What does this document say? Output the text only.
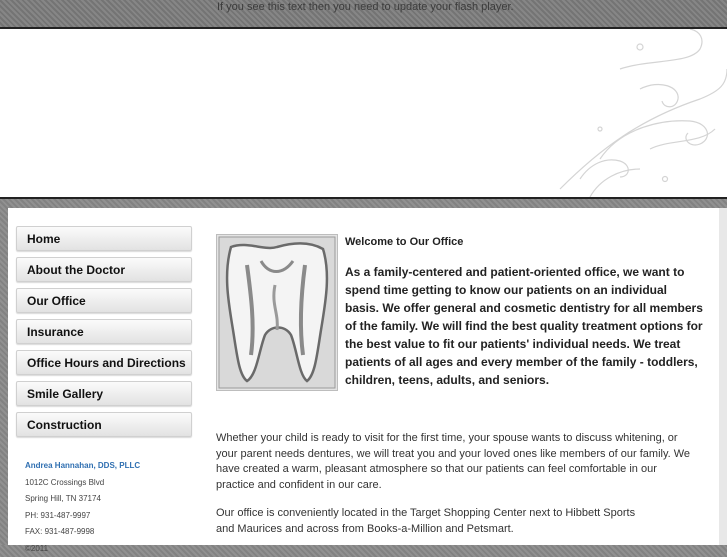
If you see this text then you need to update your flash player.
Home
About the Doctor
Our Office
Insurance
Office Hours and Directions
Smile Gallery
Construction
Andrea Hannahan, DDS, PLLC
1012C Crossings Blvd
Spring Hill, TN 37174
PH: 931-487-9997
FAX: 931-487-9998
©2011
Welcome to Our Office
As a family-centered and patient-oriented office, we want to spend time getting to know our patients on an individual basis. We offer general and cosmetic dentistry for all members of the family. We will find the best quality treatment options for the best value to fit our patients' individual needs. We treat patients of all ages and every member of the family - toddlers, children, teens, adults, and seniors.
Whether your child is ready to visit for the first time, your spouse wants to discuss whitening, or your parent needs dentures, we will treat you and your loved ones like members of our family. We have created a warm, pleasant atmosphere so that our patients can feel comfortable in our practice and confident in our care.
Our office is conveniently located in the Target Shopping Center next to Hibbett Sports and Maurices and across from Books-a-Million and Petsmart.
